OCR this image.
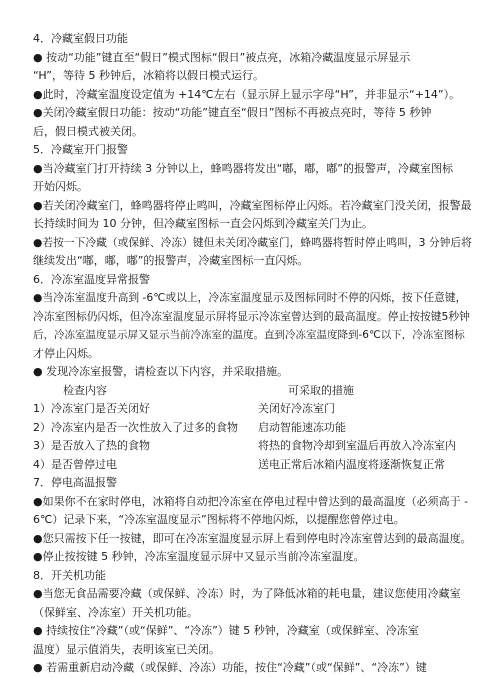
4．冷藏室假日功能
● 按动“功能”键直至“假日”模式图标“假日”被点亮，冰箱冷藏温度显示屏显示
“H”，等待 5 秒钟后，冰箱将以假日模式运行。
●此时，冷藏室温度设定值为 +14℃左右（显示屏上显示字母“H”，并非显示“+14”）。
●关闭冷藏室假日功能：按动“功能”键直至“假日”图标不再被点亮时，等待 5 秒钟
后，假日模式被关闭。
5．冷藏室开门报警
●当冷藏室门打开持续 3 分钟以上，蜂鸣器将发出“嘟，嘟，嘟”的报警声，冷藏室图标
开始闪烁。
●若关闭冷藏室门，蜂鸣器将停止鸣叫，冷藏室图标停止闪烁。若冷藏室门没关闭，报警最
长持续时间为 10 分钟，但冷藏室图标一直会闪烁到冷藏室关门为止。
●若按一下冷藏（或保鲜、冷冻）键但未关闭冷藏室门，蜂鸣器将暂时停止鸣叫，3 分钟后将
继续发出“嘟，嘟，嘟”的报警声，冷藏室图标一直闪烁。
6．冷冻室温度异常报警
●当冷冻室温度升高到 -6℃或以上，冷冻室温度显示及图标同时不停的闪烁，按下任意键，
冷冻室图标仍闪烁，但冷冻室温度显示屏将显示冷冻室曾达到的最高温度。停止按按键5秒钟
后，冷冻室温度显示屏又显示当前冷冻室的温度。直到冷冻室温度降到-6℃以下，冷冻室图标
才停止闪烁。
● 发现冷冻室报警，请检查以下内容，并采取措施。
检查内容	可采取的措施
1）冷冻室门是否关闭好	关闭好冷冻室门
2）冷冻室内是否一次性放入了过多的食物	启动智能速冻功能
3）是否放入了热的食物	将热的食物冷却到室温后再放入冷冻室内
4）是否曾停过电	送电正常后冰箱内温度将逐渐恢复正常
7．停电高温报警
●如果你不在家时停电，冰箱将自动把冷冻室在停电过程中曾达到的最高温度（必须高于 -
6℃）记录下来，“冷冻室温度显示”图标将不停地闪烁，以提醒您曾停过电。
●您只需按下任一按键，即可在冷冻室温度显示屏上看到停电时冷冻室曾达到的最高温度。
●停止按按键 5 秒钟，冷冻室温度显示屏中又显示当前冷冻室温度。
8．开关机功能
●当您无食品需要冷藏（或保鲜、冷冻）时，为了降低冰箱的耗电量，建议您使用冷藏室
（保鲜室、冷冻室）开关机功能。
● 持续按住“冷藏”（或“保鲜”、“冷冻”）键 5 秒钟，冷藏室（或保鲜室、冷冻室
温度）显示值消失，表明该室已关闭。
● 若需重新启动冷藏（或保鲜、冷冻）功能，按住“冷藏”（或“保鲜”、“冷冻”）键
